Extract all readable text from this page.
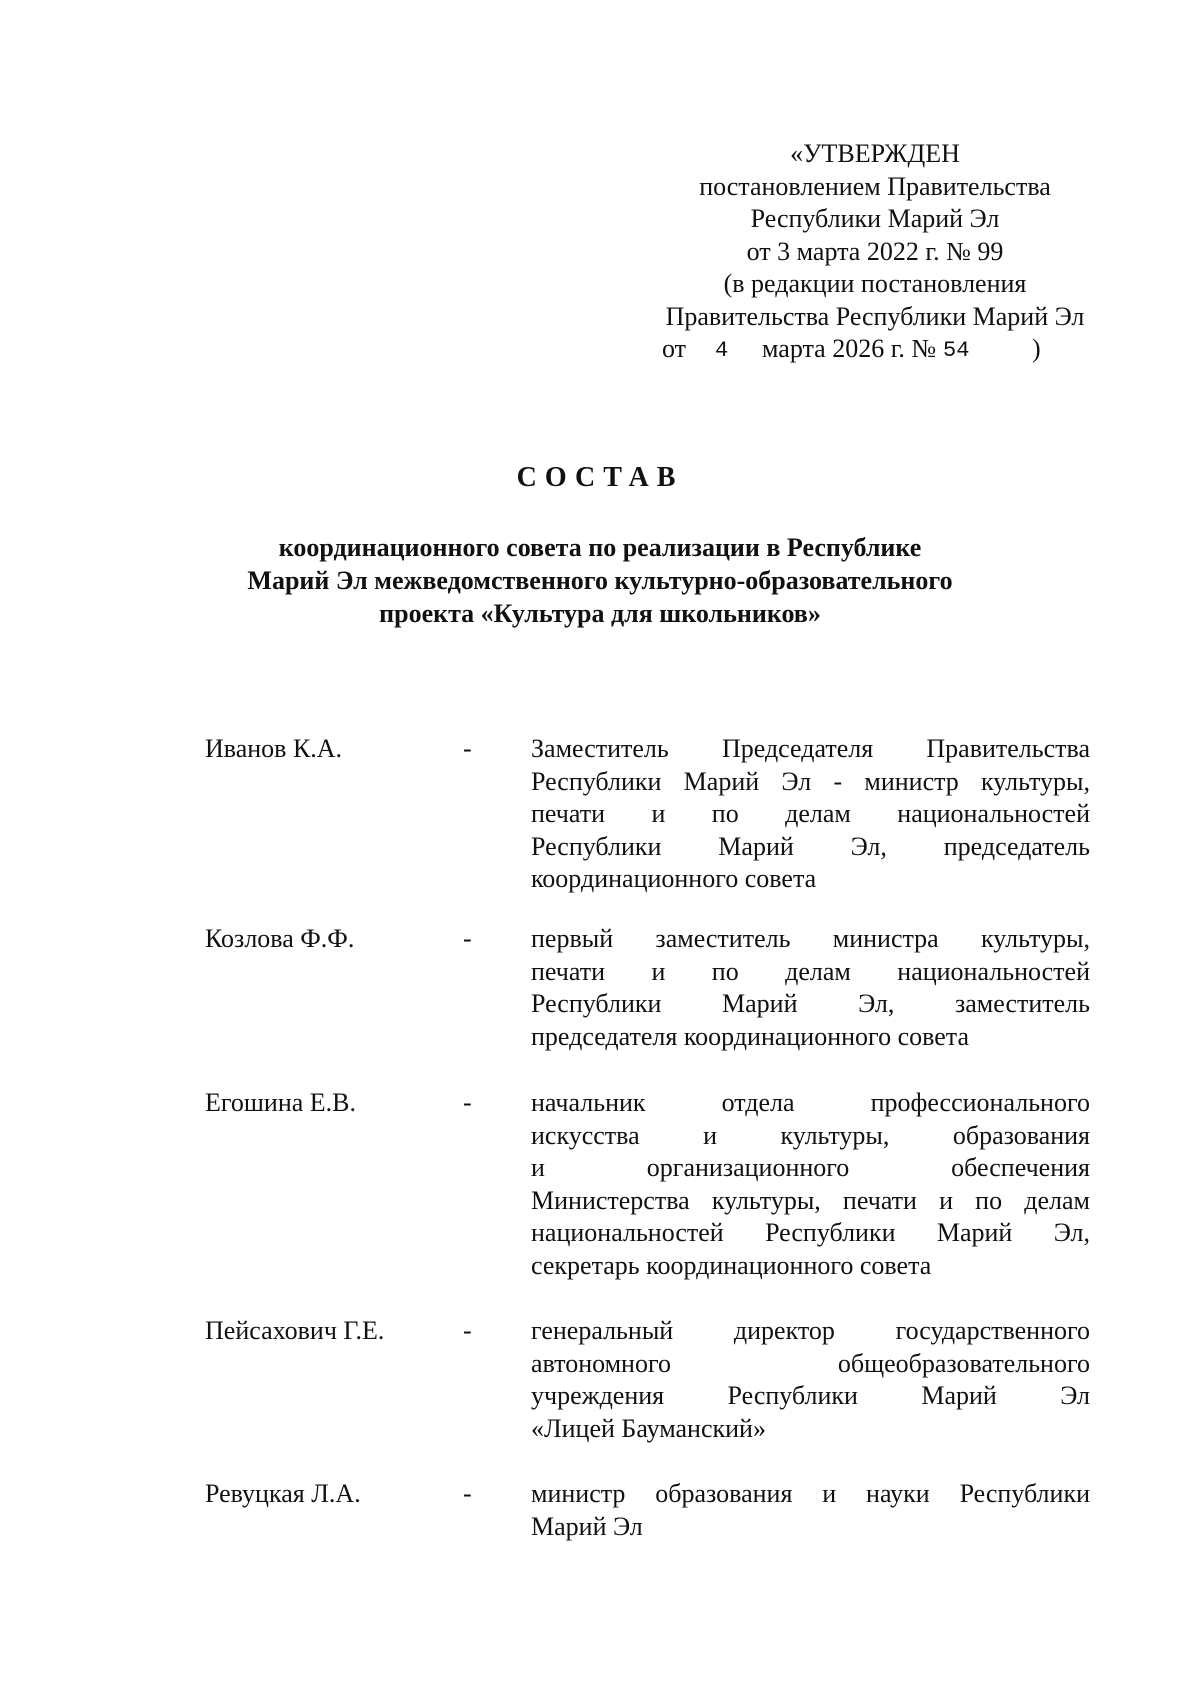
«УТВЕРЖДЕН
постановлением Правительства
Республики Марий Эл
от 3 марта 2022 г. № 99
(в редакции постановления
Правительства Республики Марий Эл
от 4 марта 2026 г. № 54 )
СОСТАВ
координационного совета по реализации в Республике
Марий Эл межведомственного культурно-образовательного
проекта «Культура для школьников»
Иванов К.А.	- Заместитель Председателя Правительства
Республики Марий Эл - министр культуры,
печати и по делам национальностей
Республики Марий Эл, председатель
координационного совета
Козлова Ф.Ф.	- первый заместитель министра культуры,
печати и по делам национальностей
Республики Марий Эл, заместитель
председателя координационного совета
Егошина Е.В.	- начальник отдела профессионального
искусства и культуры, образования
и организационного обеспечения
Министерства культуры, печати и по делам
национальностей Республики Марий Эл,
секретарь координационного совета
Пейсахович Г.Е.	- генеральный директор государственного
автономного общеобразовательного
учреждения Республики Марий Эл
«Лицей Бауманский»
Ревуцкая Л.А.	- министр образования и науки Республики
Марий Эл
